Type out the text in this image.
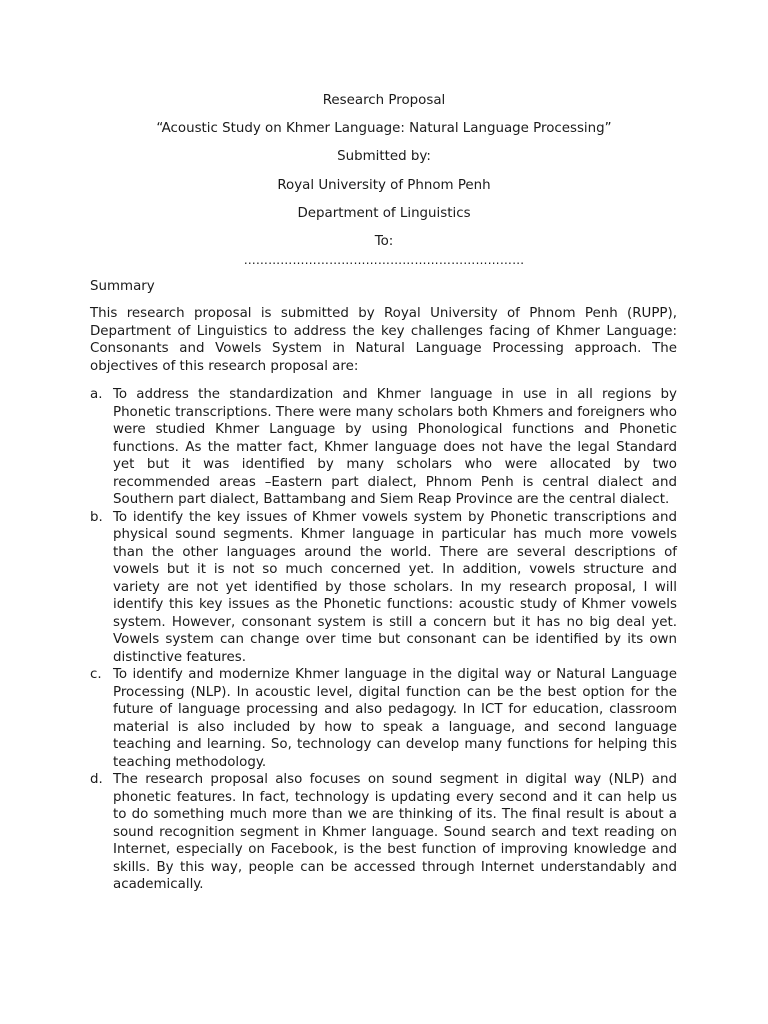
Research Proposal
“Acoustic Study on Khmer Language: Natural Language Processing”
Submitted by:
Royal University of Phnom Penh
Department of Linguistics
To:
……………………………………………………………
Summary

This research proposal is submitted by Royal University of Phnom Penh (RUPP), Department of Linguistics to address the key challenges facing of Khmer Language: Consonants and Vowels System in Natural Language Processing approach. The objectives of this research proposal are:

a. To address the standardization and Khmer language in use in all regions by Phonetic transcriptions. There were many scholars both Khmers and foreigners who were studied Khmer Language by using Phonological functions and Phonetic functions. As the matter fact, Khmer language does not have the legal Standard yet but it was identified by many scholars who were allocated by two recommended areas –Eastern part dialect, Phnom Penh is central dialect and Southern part dialect, Battambang and Siem Reap Province are the central dialect.
b. To identify the key issues of Khmer vowels system by Phonetic transcriptions and physical sound segments. Khmer language in particular has much more vowels than the other languages around the world. There are several descriptions of vowels but it is not so much concerned yet. In addition, vowels structure and variety are not yet identified by those scholars. In my research proposal, I will identify this key issues as the Phonetic functions: acoustic study of Khmer vowels system. However, consonant system is still a concern but it has no big deal yet. Vowels system can change over time but consonant can be identified by its own distinctive features.
c. To identify and modernize Khmer language in the digital way or Natural Language Processing (NLP). In acoustic level, digital function can be the best option for the future of language processing and also pedagogy. In ICT for education, classroom material is also included by how to speak a language, and second language teaching and learning. So, technology can develop many functions for helping this teaching methodology.
d. The research proposal also focuses on sound segment in digital way (NLP) and phonetic features. In fact, technology is updating every second and it can help us to do something much more than we are thinking of its. The final result is about a sound recognition segment in Khmer language. Sound search and text reading on Internet, especially on Facebook, is the best function of improving knowledge and skills. By this way, people can be accessed through Internet understandably and academically.
